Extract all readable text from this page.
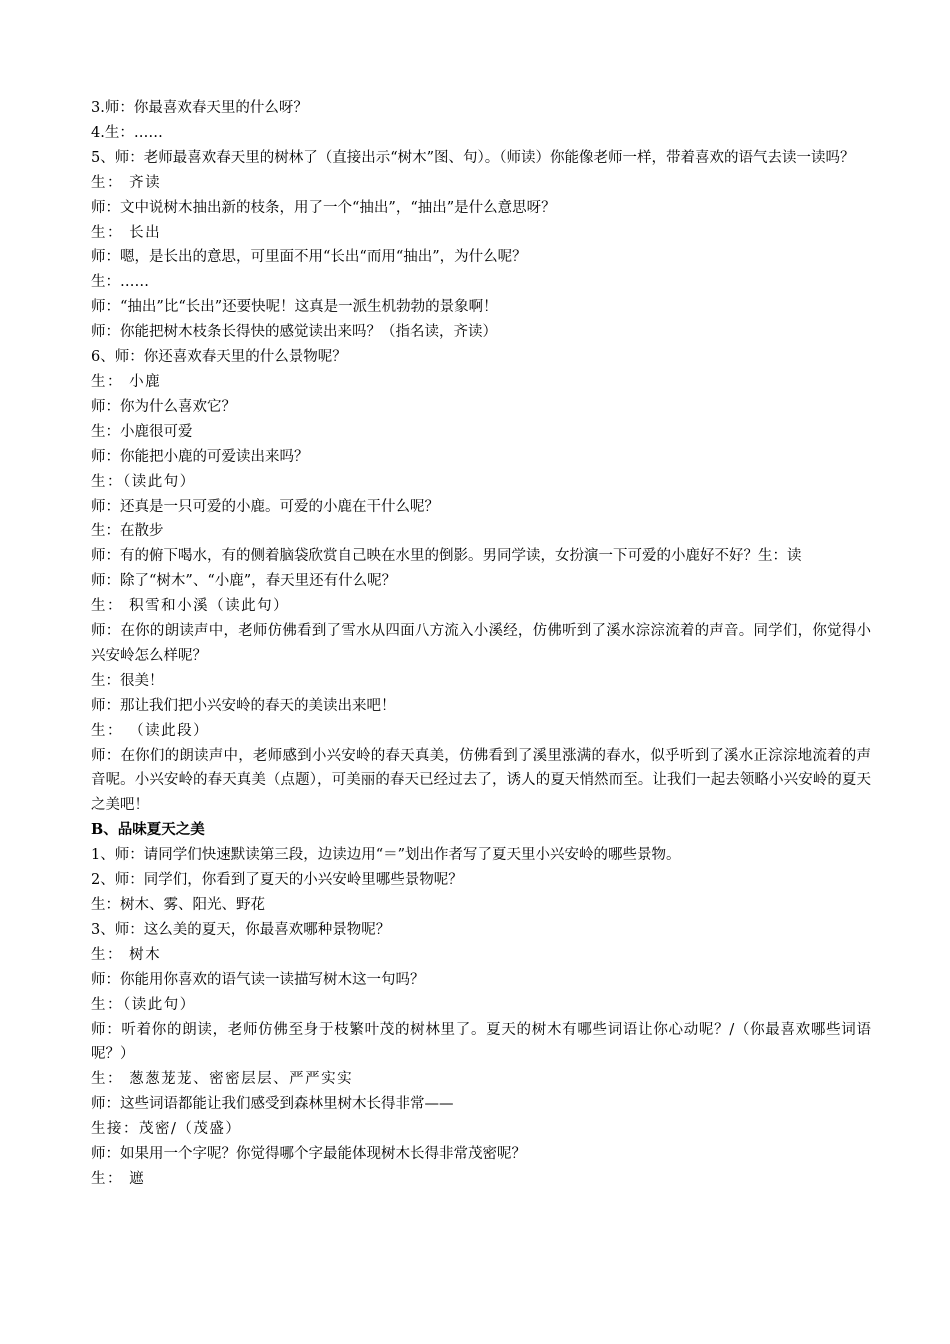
3.师：你最喜欢春天里的什么呀？
4.生：……
5、师：老师最喜欢春天里的树林了（直接出示“树木”图、句）。（师读）你能像老师一样，带着喜欢的语气去读一读吗？
生： 齐读
师：文中说树木抽出新的枝条，用了一个“抽出”，“抽出”是什么意思呀？
生： 长出
师：嗯，是长出的意思，可里面不用“长出“而用“抽出”，为什么呢？
生：……
师：“抽出”比“长出”还要快呢！这真是一派生机勃勃的景象啊！
师：你能把树木枝条长得快的感觉读出来吗？（指名读，齐读）
6、师：你还喜欢春天里的什么景物呢？
生： 小鹿
师：你为什么喜欢它？
生：小鹿很可爱
师：你能把小鹿的可爱读出来吗？
生：（读此句）
师：还真是一只可爱的小鹿。可爱的小鹿在干什么呢？
生：在散步
师：有的俯下喝水，有的侧着脑袋欣赏自己映在水里的倒影。男同学读，女扮演一下可爱的小鹿好不好？生：读
师：除了“树木”、“小鹿”，春天里还有什么呢？
生： 积雪和小溪（读此句）
师：在你的朗读声中，老师仿佛看到了雪水从四面八方流入小溪经，仿佛听到了溪水淙淙流着的声音。同学们，你觉得小兴安岭怎么样呢？
生：很美！
师：那让我们把小兴安岭的春天的美读出来吧！
生： （读此段）
师：在你们的朗读声中，老师感到小兴安岭的春天真美，仿佛看到了溪里涨满的春水，似乎听到了溪水正淙淙地流着的声音呢。小兴安岭的春天真美（点题），可美丽的春天已经过去了，诱人的夏天悄然而至。让我们一起去领略小兴安岭的夏天之美吧！
B、品味夏天之美
1、师：请同学们快速默读第三段，边读边用“＝”划出作者写了夏天里小兴安岭的哪些景物。
2、师：同学们，你看到了夏天的小兴安岭里哪些景物呢？
生：树木、雾、阳光、野花
3、师：这么美的夏天，你最喜欢哪种景物呢？
生： 树木
师：你能用你喜欢的语气读一读描写树木这一句吗？
生：（读此句）
师：听着你的朗读，老师仿佛至身于枝繁叶茂的树林里了。夏天的树木有哪些词语让你心动呢？/（你最喜欢哪些词语呢？）
生： 葱葱茏茏、密密层层、严严实实
师：这些词语都能让我们感受到森林里树木长得非常——
生接：茂密/（茂盛）
师：如果用一个字呢？你觉得哪个字最能体现树木长得非常茂密呢？
生： 遮
